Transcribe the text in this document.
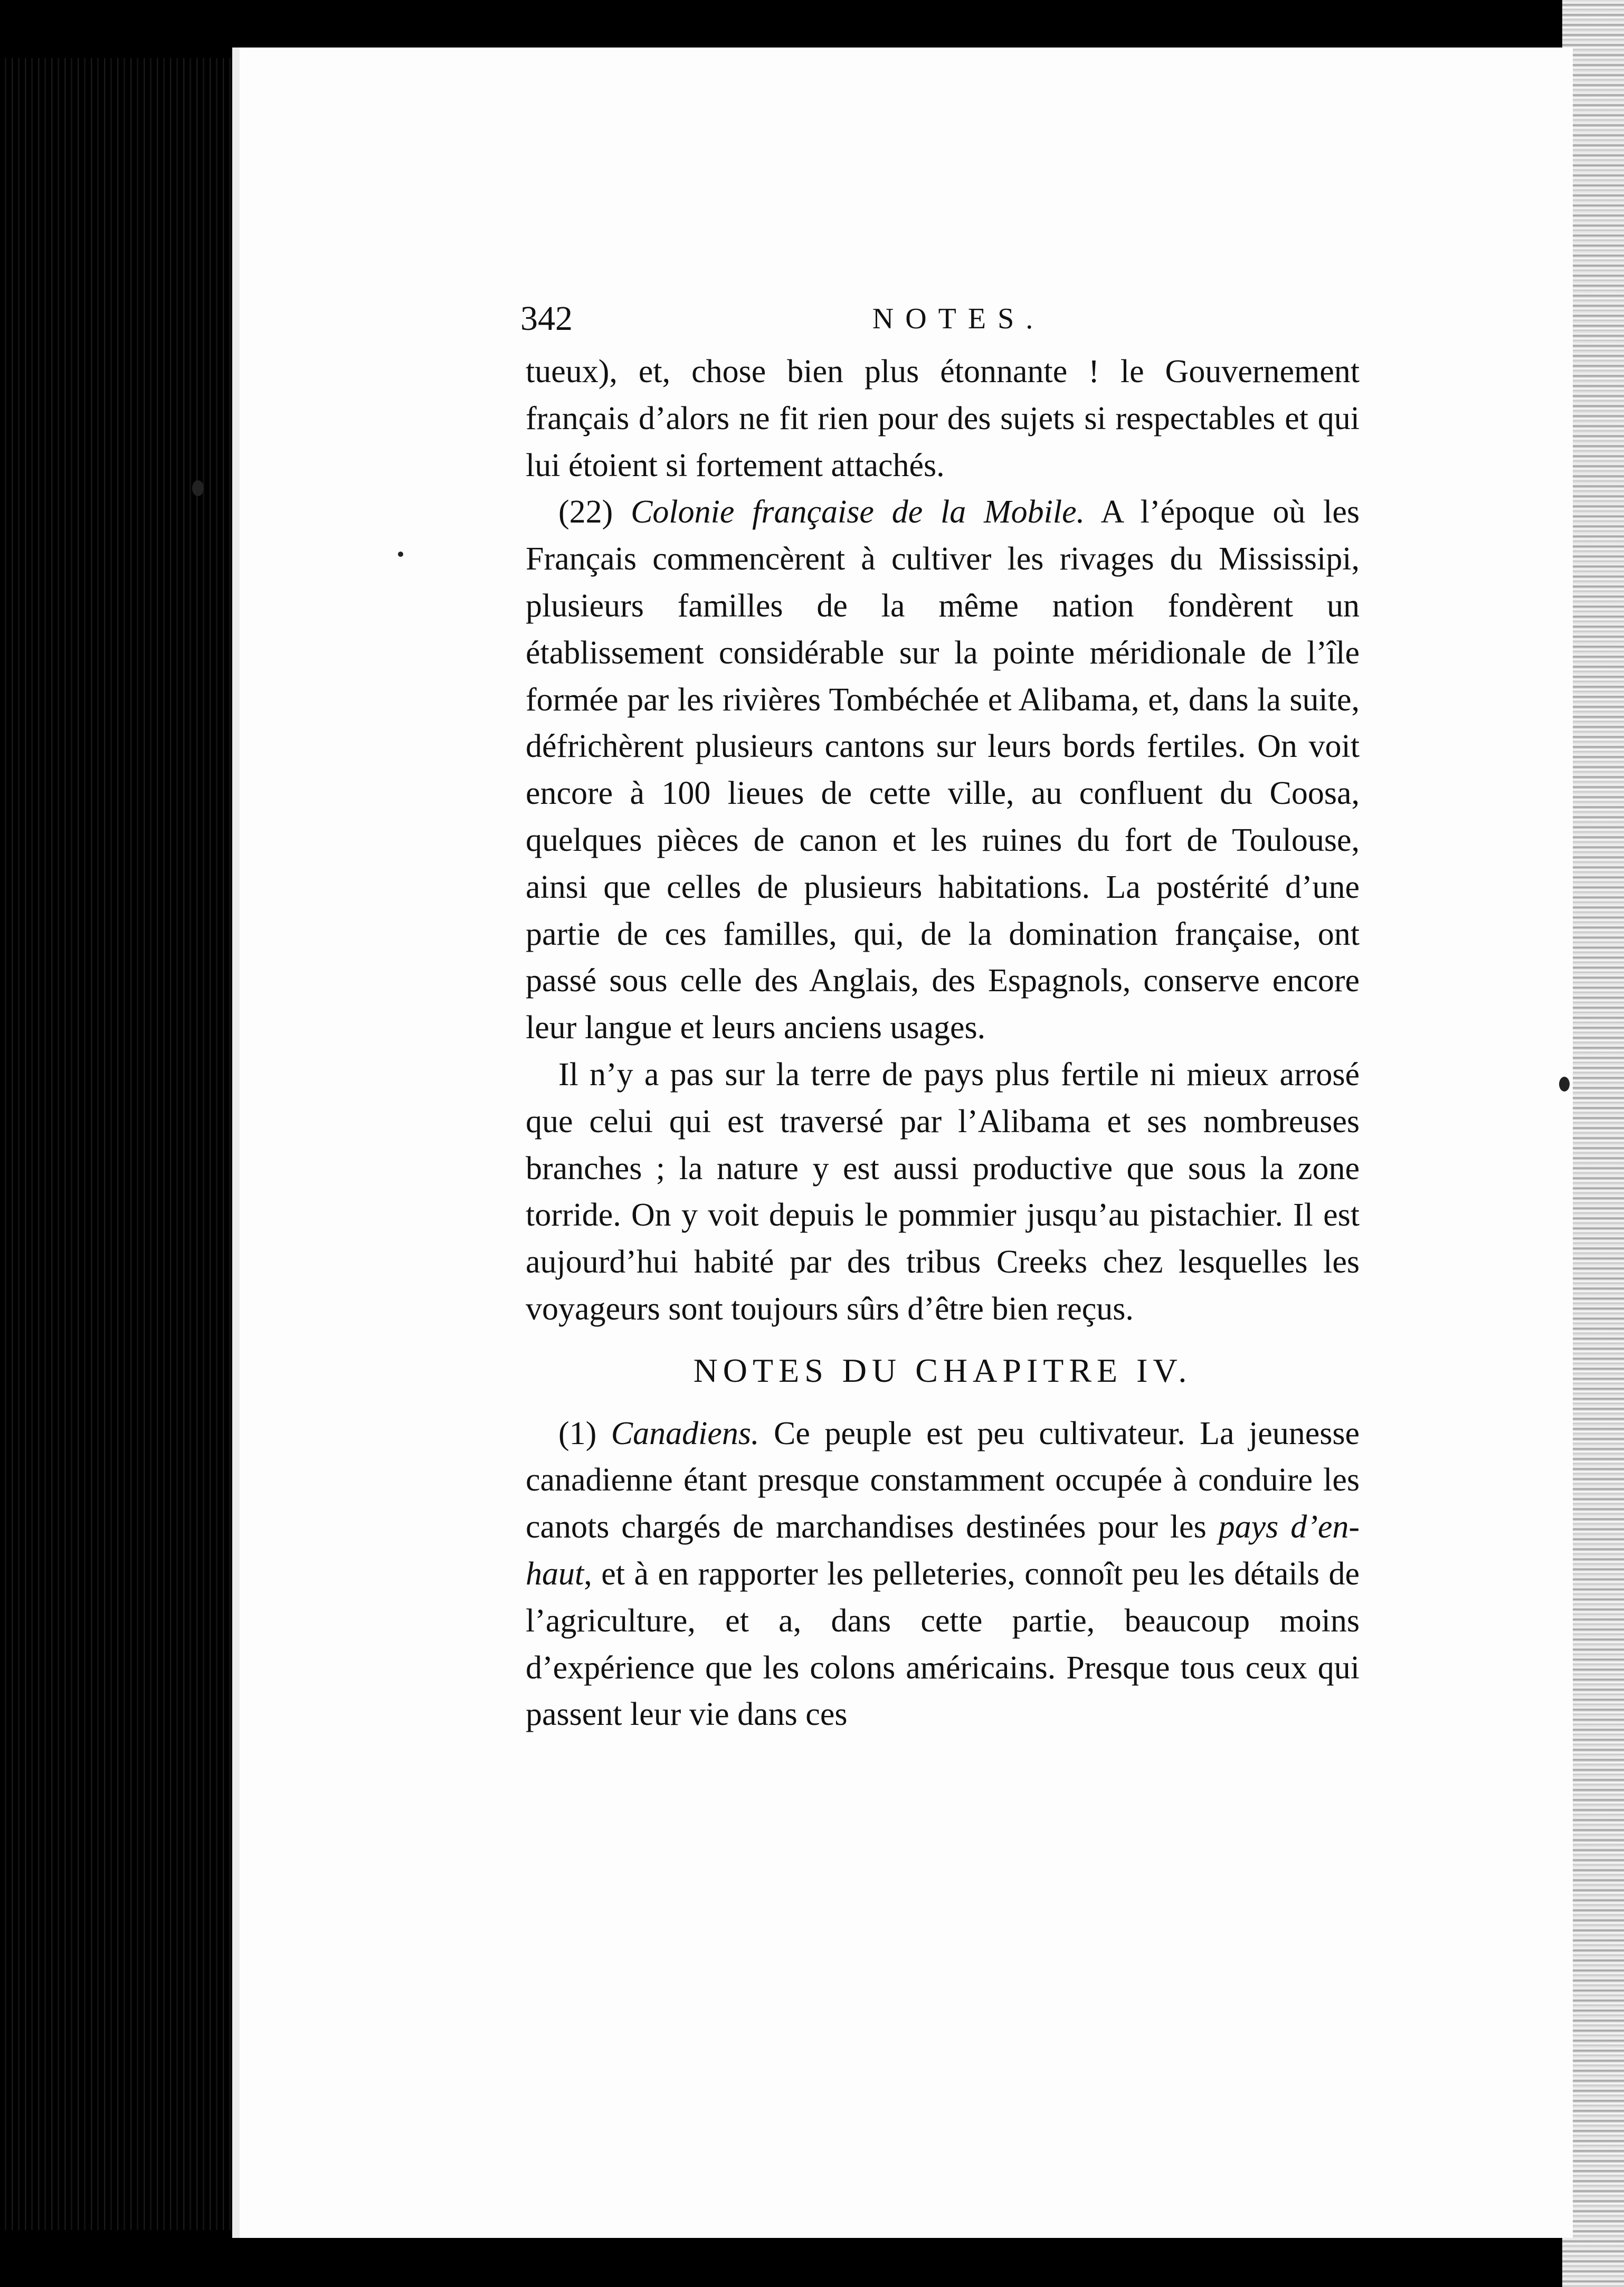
342	NOTES.

tueux), et, chose bien plus étonnante ! le Gouvernement français d’alors ne fit rien pour des sujets si respectables et qui lui étoient si fortement attachés.

(22) Colonie française de la Mobile. A l’époque où les Français commencèrent à cultiver les rivages du Mississipi, plusieurs familles de la même nation fondèrent un établissement considérable sur la pointe méridionale de l’île formée par les rivières Tombéchée et Alibama, et, dans la suite, défrichèrent plusieurs cantons sur leurs bords fertiles. On voit encore à 100 lieues de cette ville, au confluent du Coosa, quelques pièces de canon et les ruines du fort de Toulouse, ainsi que celles de plusieurs habitations. La postérité d’une partie de ces familles, qui, de la domination française, ont passé sous celle des Anglais, des Espagnols, conserve encore leur langue et leurs anciens usages.

Il n’y a pas sur la terre de pays plus fertile ni mieux arrosé que celui qui est traversé par l’Alibama et ses nombreuses branches ; la nature y est aussi productive que sous la zone torride. On y voit depuis le pommier jusqu’au pistachier. Il est aujourd’hui habité par des tribus Creeks chez lesquelles les voyageurs sont toujours sûrs d’être bien reçus.

NOTES DU CHAPITRE IV.

(1) Canadiens. Ce peuple est peu cultivateur. La jeunesse canadienne étant presque constamment occupée à conduire les canots chargés de marchandises destinées pour les pays d’en-haut, et à en rapporter les pelleteries, connoît peu les détails de l’agriculture, et a, dans cette partie, beaucoup moins d’expérience que les colons américains. Presque tous ceux qui passent leur vie dans ces
